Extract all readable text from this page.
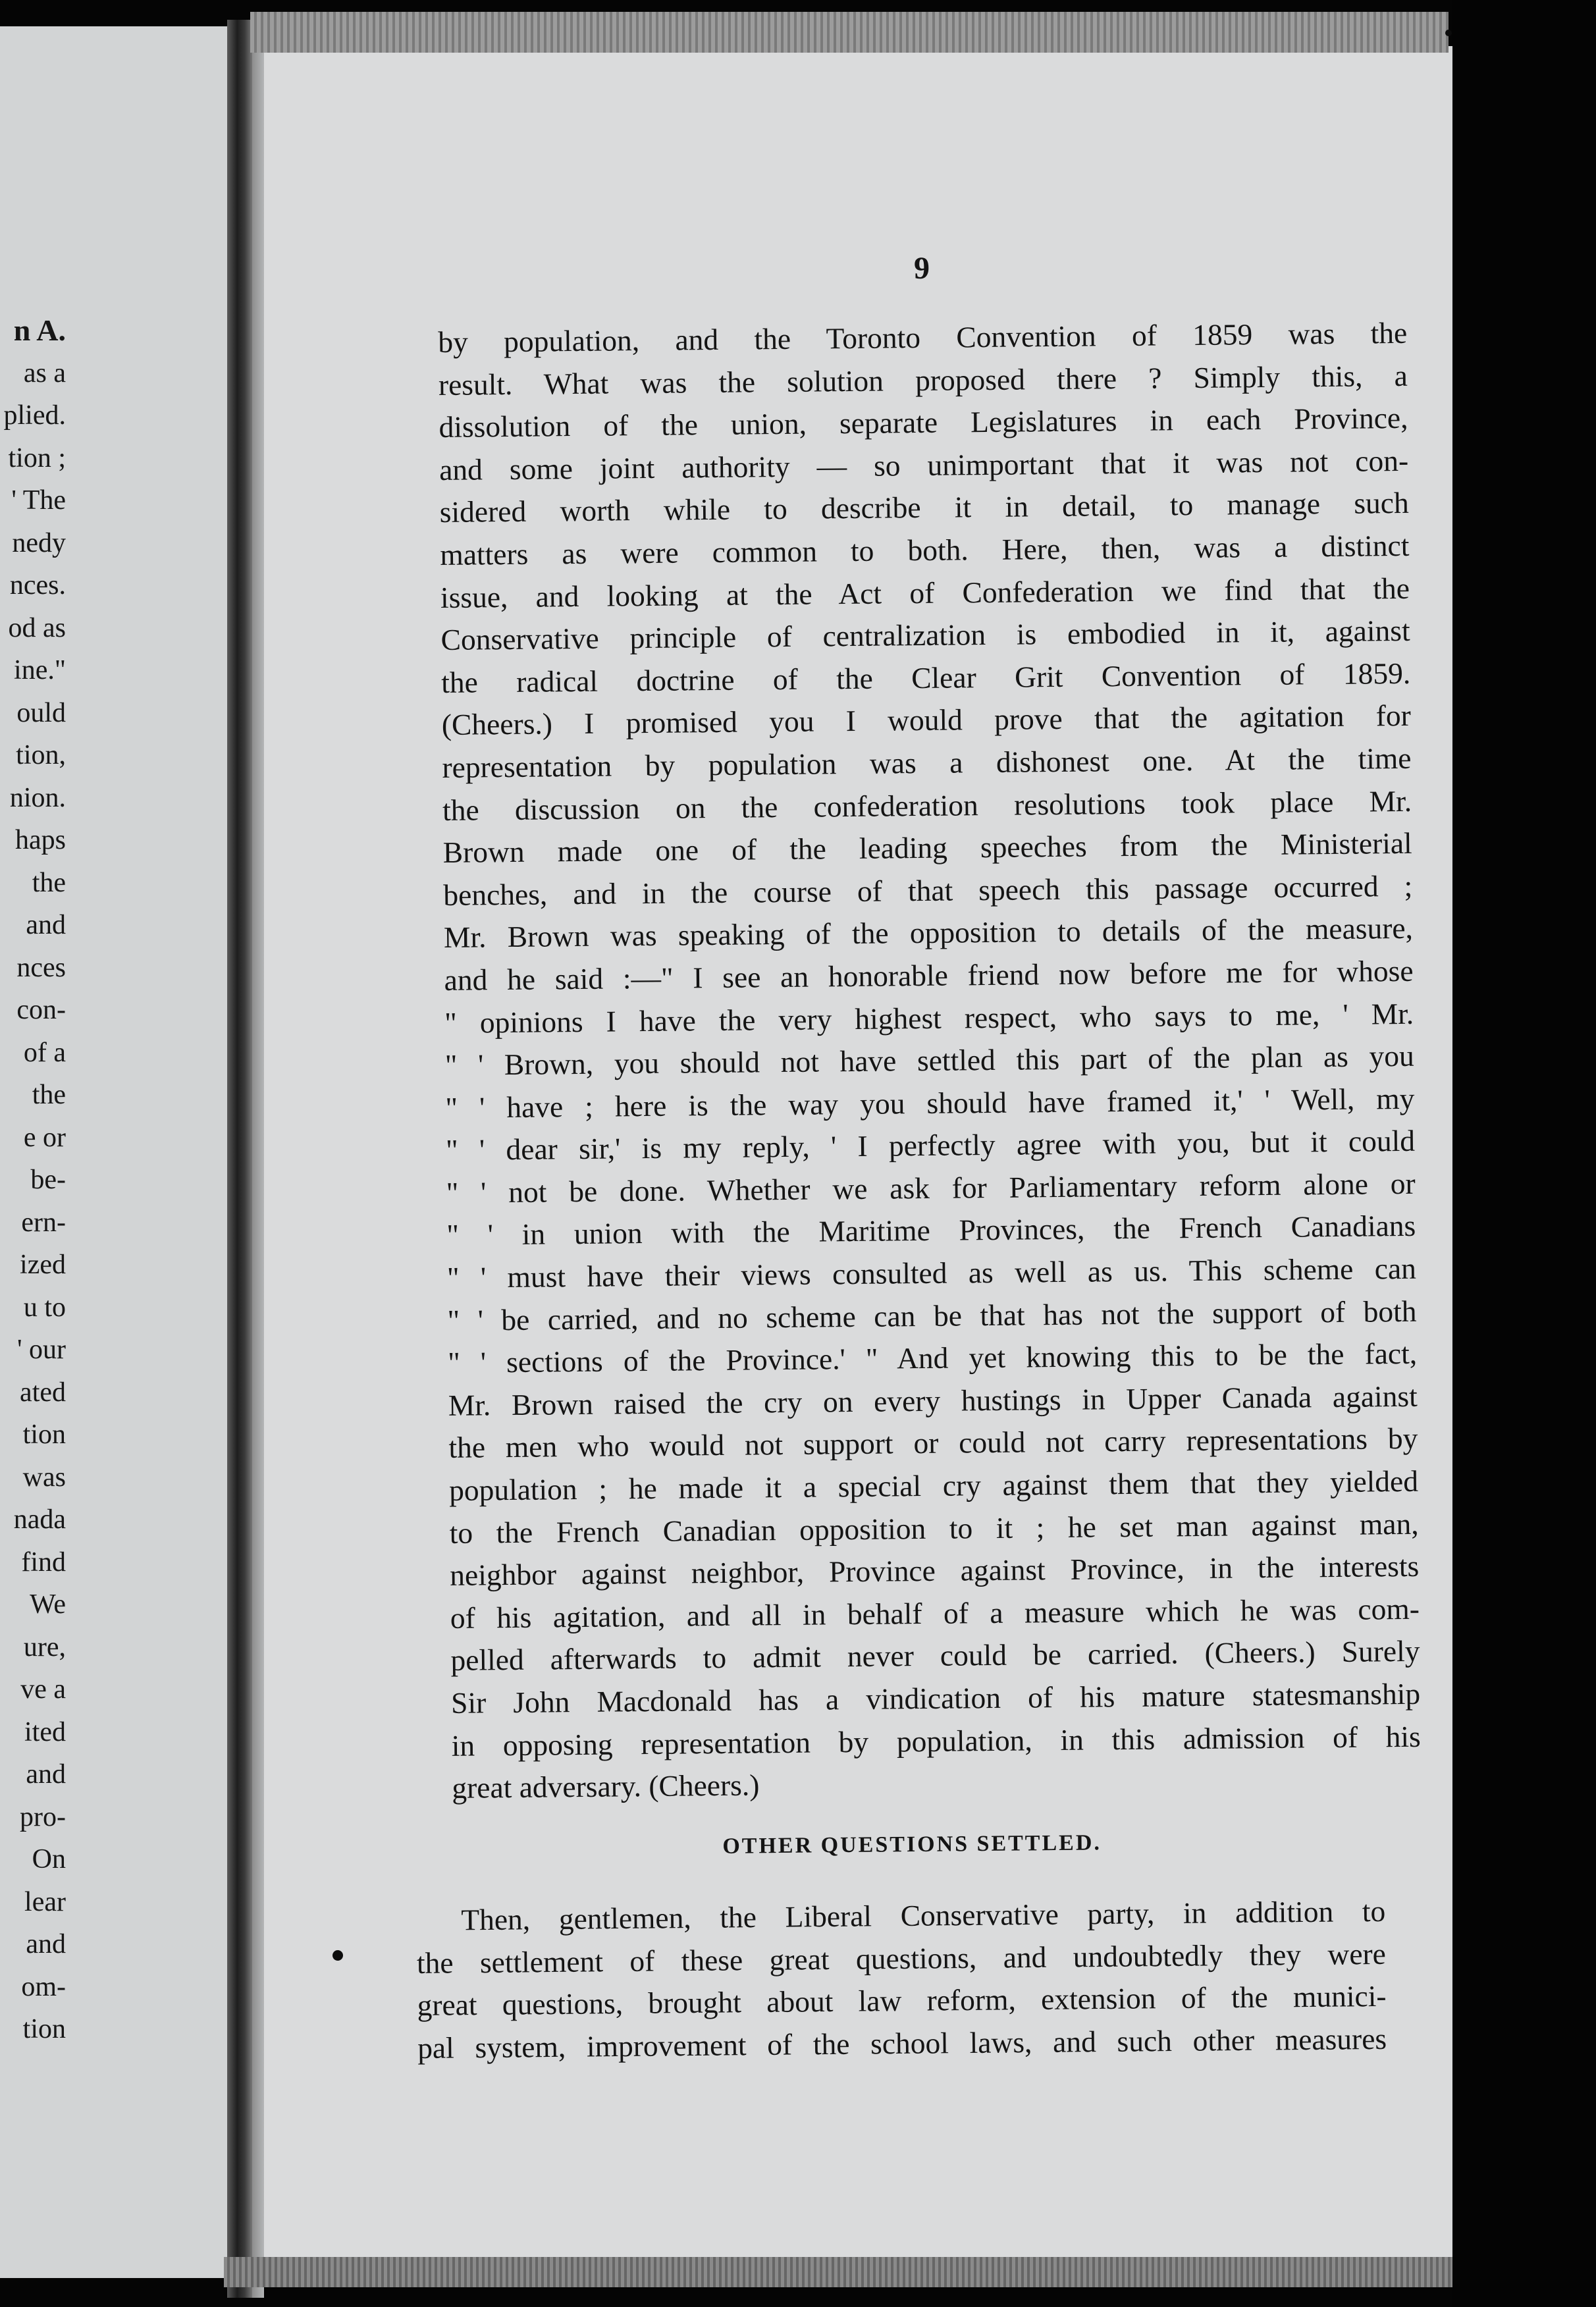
n A.
as a
plied.
tion ;
' The
nedy
nces.
od as
ine."
ould
tion,
nion.
haps
the
and
nces
con-
of a
the
e or
be-
ern-
ized
u to
' our
ated
tion
was
nada
find
We
ure,
ve a
ited
and
pro-
On
lear
and
om-
tion
9
by population, and the Toronto Convention of 1859 was the
result. What was the solution proposed there ? Simply this, a
dissolution of the union, separate Legislatures in each Province,
and some joint authority — so unimportant that it was not con-
sidered worth while to describe it in detail, to manage such
matters as were common to both. Here, then, was a distinct
issue, and looking at the Act of Confederation we find that the
Conservative principle of centralization is embodied in it, against
the radical doctrine of the Clear Grit Convention of 1859.
(Cheers.) I promised you I would prove that the agitation for
representation by population was a dishonest one. At the time
the discussion on the confederation resolutions took place Mr.
Brown made one of the leading speeches from the Ministerial
benches, and in the course of that speech this passage occurred ;
Mr. Brown was speaking of the opposition to details of the measure,
and he said :—" I see an honorable friend now before me for whose
" opinions I have the very highest respect, who says to me, ' Mr.
" ' Brown, you should not have settled this part of the plan as you
" ' have ; here is the way you should have framed it,' ' Well, my
" ' dear sir,' is my reply, ' I perfectly agree with you, but it could
" ' not be done. Whether we ask for Parliamentary reform alone or
" ' in union with the Maritime Provinces, the French Canadians
" ' must have their views consulted as well as us. This scheme can
" ' be carried, and no scheme can be that has not the support of both
" ' sections of the Province.' " And yet knowing this to be the fact,
Mr. Brown raised the cry on every hustings in Upper Canada against
the men who would not support or could not carry representations by
population ; he made it a special cry against them that they yielded
to the French Canadian opposition to it ; he set man against man,
neighbor against neighbor, Province against Province, in the interests
of his agitation, and all in behalf of a measure which he was com-
pelled afterwards to admit never could be carried. (Cheers.) Surely
Sir John Macdonald has a vindication of his mature statesmanship
in opposing representation by population, in this admission of his
great adversary. (Cheers.)
OTHER QUESTIONS SETTLED.
Then, gentlemen, the Liberal Conservative party, in addition to
the settlement of these great questions, and undoubtedly they were
great questions, brought about law reform, extension of the munici-
pal system, improvement of the school laws, and such other measures
